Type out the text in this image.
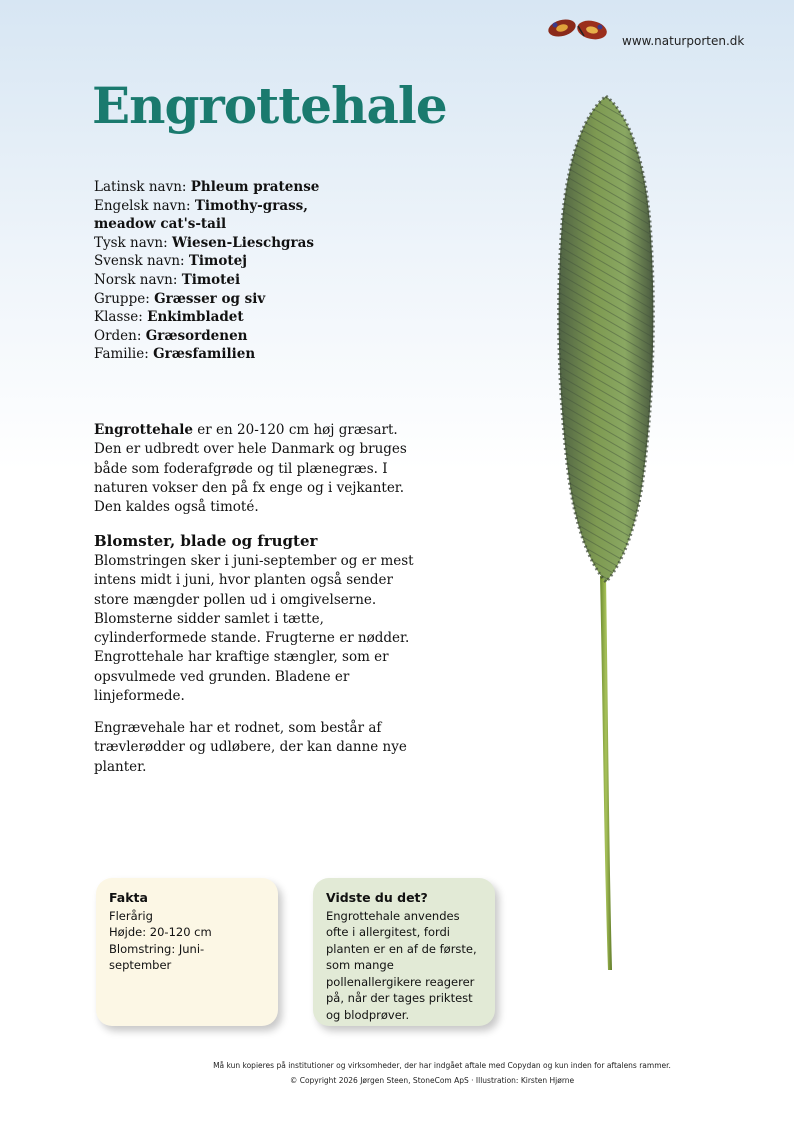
www.naturporten.dk
Engrottehale
Latinsk navn: Phleum pratense
Engelsk navn: Timothy-grass,
meadow cat's-tail
Tysk navn: Wiesen-Lieschgras
Svensk navn: Timotej
Norsk navn: Timotei
Gruppe: Græsser og siv
Klasse: Enkimbladet
Orden: Græsordenen
Familie: Græsfamilien

Engrottehale er en 20-120 cm høj græsart. Den er udbredt over hele Danmark og bruges både som foderafgrøde og til plænegræs. I naturen vokser den på fx enge og i vejkanter. Den kaldes også timoté.

Blomster, blade og frugter

Blomstringen sker i juni-september og er mest intens midt i juni, hvor planten også sender store mængder pollen ud i omgivelserne. Blomsterne sidder samlet i tætte, cylinderformede stande. Frugterne er nødder. Engrottehale har kraftige stængler, som er opsvulmede ved grunden. Bladene er linjeformede.

Engrævehale har et rodnet, som består af trævlerødder og udløbere, der kan danne nye planter.

Fakta
Flerårig
Højde: 20-120 cm
Blomstring: Juni-september
Vidste du det?
Engrottehale anvendes ofte i allergitest, fordi planten er en af de første, som mange pollenallergikere reagerer på, når der tages priktest og blodprøver.
Må kun kopieres på institutioner og virksomheder, der har indgået aftale med Copydan og kun inden for aftalens rammer.
© Copyright 2026 Jørgen Steen, StoneCom ApS · Illustration: Kirsten Hjørne
